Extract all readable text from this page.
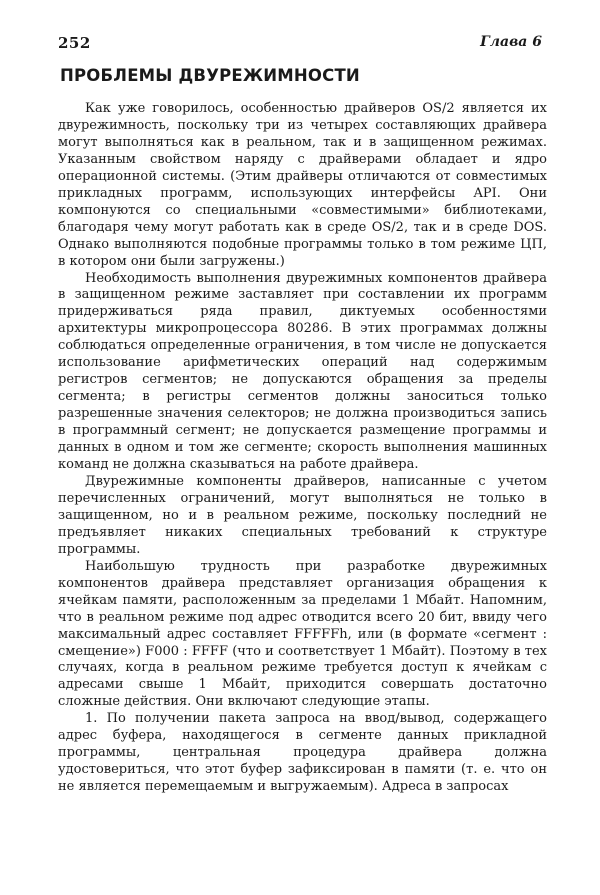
252	Глава 6
ПРОБЛЕМЫ ДВУРЕЖИМНОСТИ

Как уже говорилось, особенностью драйверов OS/2 является их двурежимность, поскольку три из четырех составляющих драйвера могут выполняться как в реальном, так и в защищенном режимах. Указанным свойством наряду с драйверами обладает и ядро операционной системы. (Этим драйверы отличаются от совместимых прикладных программ, использующих интерфейсы API. Они компонуются со специальными «совместимыми» библиотеками, благодаря чему могут работать как в среде OS/2, так и в среде DOS. Однако выполняются подобные программы только в том режиме ЦП, в котором они были загружены.)

Необходимость выполнения двурежимных компонентов драйвера в защищенном режиме заставляет при составлении их программ придерживаться ряда правил, диктуемых особенностями архитектуры микропроцессора 80286. В этих программах должны соблюдаться определенные ограничения, в том числе не допускается использование арифметических операций над содержимым регистров сегментов; не допускаются обращения за пределы сегмента; в регистры сегментов должны заноситься только разрешенные значения селекторов; не должна производиться запись в программный сегмент; не допускается размещение программы и данных в одном и том же сегменте; скорость выполнения машинных команд не должна сказываться на работе драйвера.

Двурежимные компоненты драйверов, написанные с учетом перечисленных ограничений, могут выполняться не только в защищенном, но и в реальном режиме, поскольку последний не предъявляет никаких специальных требований к структуре программы.

Наибольшую трудность при разработке двурежимных компонентов драйвера представляет организация обращения к ячейкам памяти, расположенным за пределами 1 Мбайт. Напомним, что в реальном режиме под адрес отводится всего 20 бит, ввиду чего максимальный адрес составляет FFFFFh, или (в формате «сегмент : смещение») F000 : FFFF (что и соответствует 1 Мбайт). Поэтому в тех случаях, когда в реальном режиме требуется доступ к ячейкам с адресами свыше 1 Мбайт, приходится совершать достаточно сложные действия. Они включают следующие этапы.

1. По получении пакета запроса на ввод/вывод, содержащего адрес буфера, находящегося в сегменте данных прикладной программы, центральная процедура драйвера должна удостовериться, что этот буфер зафиксирован в памяти (т. е. что он не является перемещаемым и выгружаемым). Адреса в запросах
